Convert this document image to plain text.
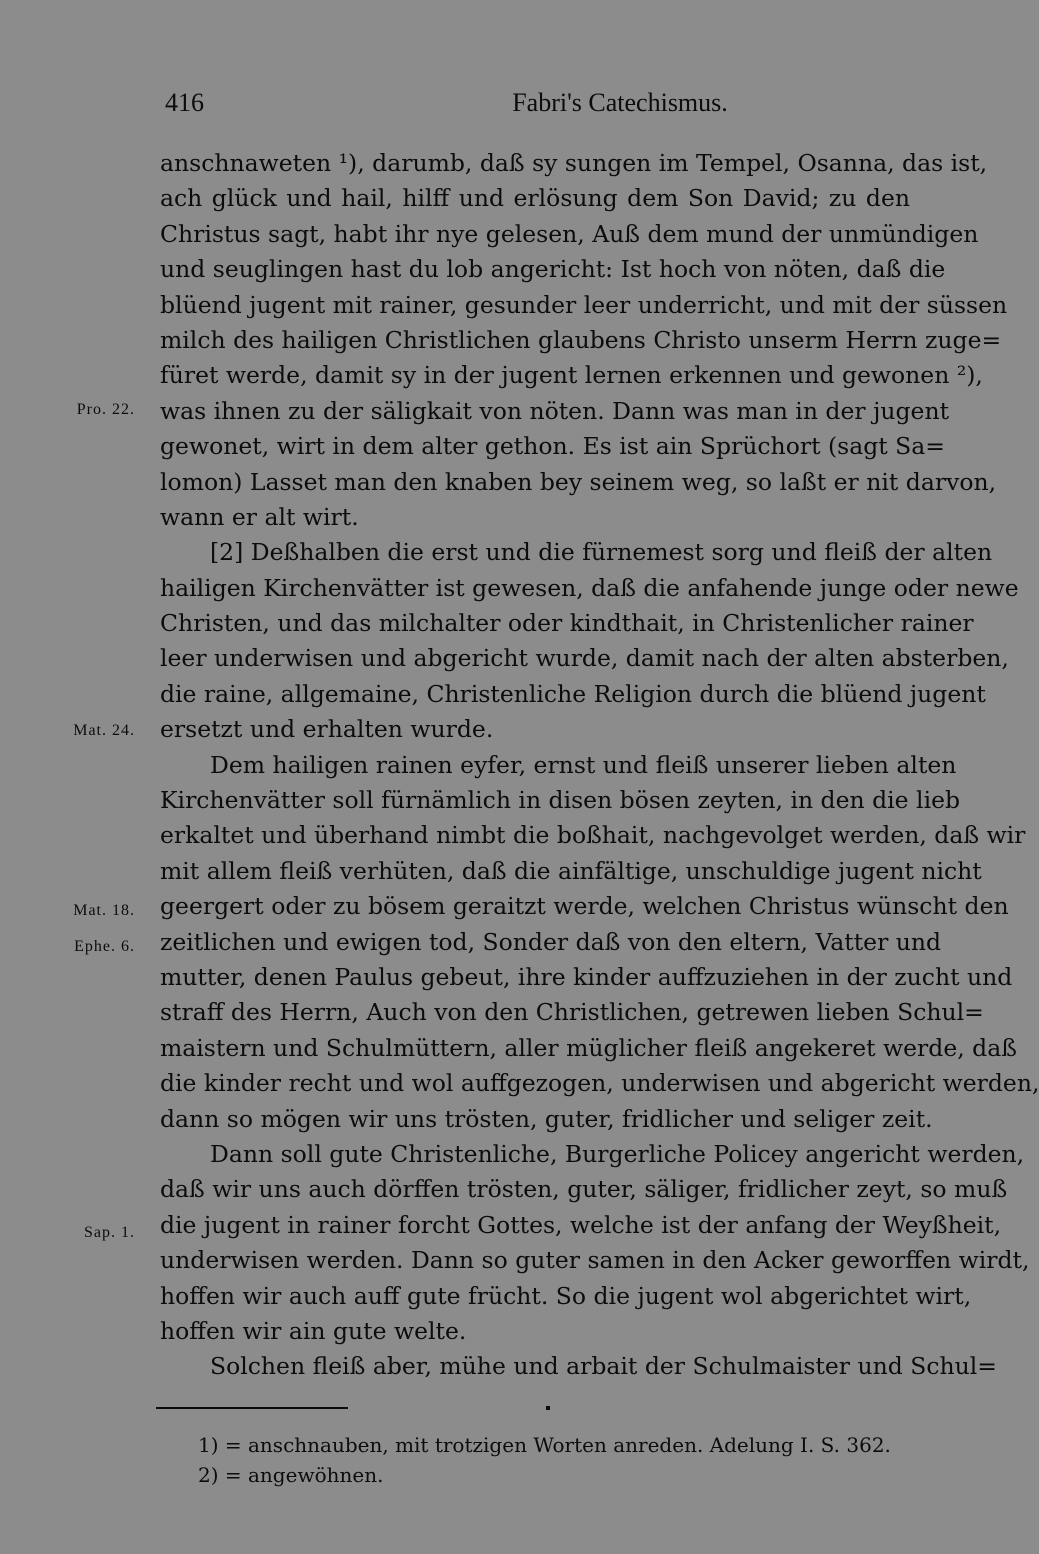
416	Fabri's Catechismus.
Pro. 22.
Mat. 24.
Mat. 18.
Ephe. 6.
Sap. 1.
anschnaweten ¹), darumb, daß sy sungen im Tempel, Osanna, das ist,
ach glück und hail, hilff und erlösung dem Son David; zu den
Christus sagt, habt ihr nye gelesen, Auß dem mund der unmündigen
und seuglingen hast du lob angericht: Ist hoch von nöten, daß die
blüend jugent mit rainer, gesunder leer underricht, und mit der süssen
milch des hailigen Christlichen glaubens Christo unserm Herrn zuge=
füret werde, damit sy in der jugent lernen erkennen und gewonen ²),
was ihnen zu der säligkait von nöten. Dann was man in der jugent
gewonet, wirt in dem alter gethon. Es ist ain Sprüchort (sagt Sa=
lomon) Lasset man den knaben bey seinem weg, so laßt er nit darvon,
wann er alt wirt.
[2] Deßhalben die erst und die fürnemest sorg und fleiß der alten
hailigen Kirchenvätter ist gewesen, daß die anfahende junge oder newe
Christen, und das milchalter oder kindthait, in Christenlicher rainer
leer underwisen und abgericht wurde, damit nach der alten absterben,
die raine, allgemaine, Christenliche Religion durch die blüend jugent
ersetzt und erhalten wurde.
Dem hailigen rainen eyfer, ernst und fleiß unserer lieben alten
Kirchenvätter soll fürnämlich in disen bösen zeyten, in den die lieb
erkaltet und überhand nimbt die boßhait, nachgevolget werden, daß wir
mit allem fleiß verhüten, daß die ainfältige, unschuldige jugent nicht
geergert oder zu bösem geraitzt werde, welchen Christus wünscht den
zeitlichen und ewigen tod, Sonder daß von den eltern, Vatter und
mutter, denen Paulus gebeut, ihre kinder auffzuziehen in der zucht und
straff des Herrn, Auch von den Christlichen, getrewen lieben Schul=
maistern und Schulmüttern, aller müglicher fleiß angekeret werde, daß
die kinder recht und wol auffgezogen, underwisen und abgericht werden,
dann so mögen wir uns trösten, guter, fridlicher und seliger zeit.
Dann soll gute Christenliche, Burgerliche Policey angericht werden,
daß wir uns auch dörffen trösten, guter, säliger, fridlicher zeyt, so muß
die jugent in rainer forcht Gottes, welche ist der anfang der Weyßheit,
underwisen werden. Dann so guter samen in den Acker geworffen wirdt,
hoffen wir auch auff gute frücht. So die jugent wol abgerichtet wirt,
hoffen wir ain gute welte.
Solchen fleiß aber, mühe und arbait der Schulmaister und Schul=
1) = anschnauben, mit trotzigen Worten anreden. Adelung I. S. 362.
2) = angewöhnen.
